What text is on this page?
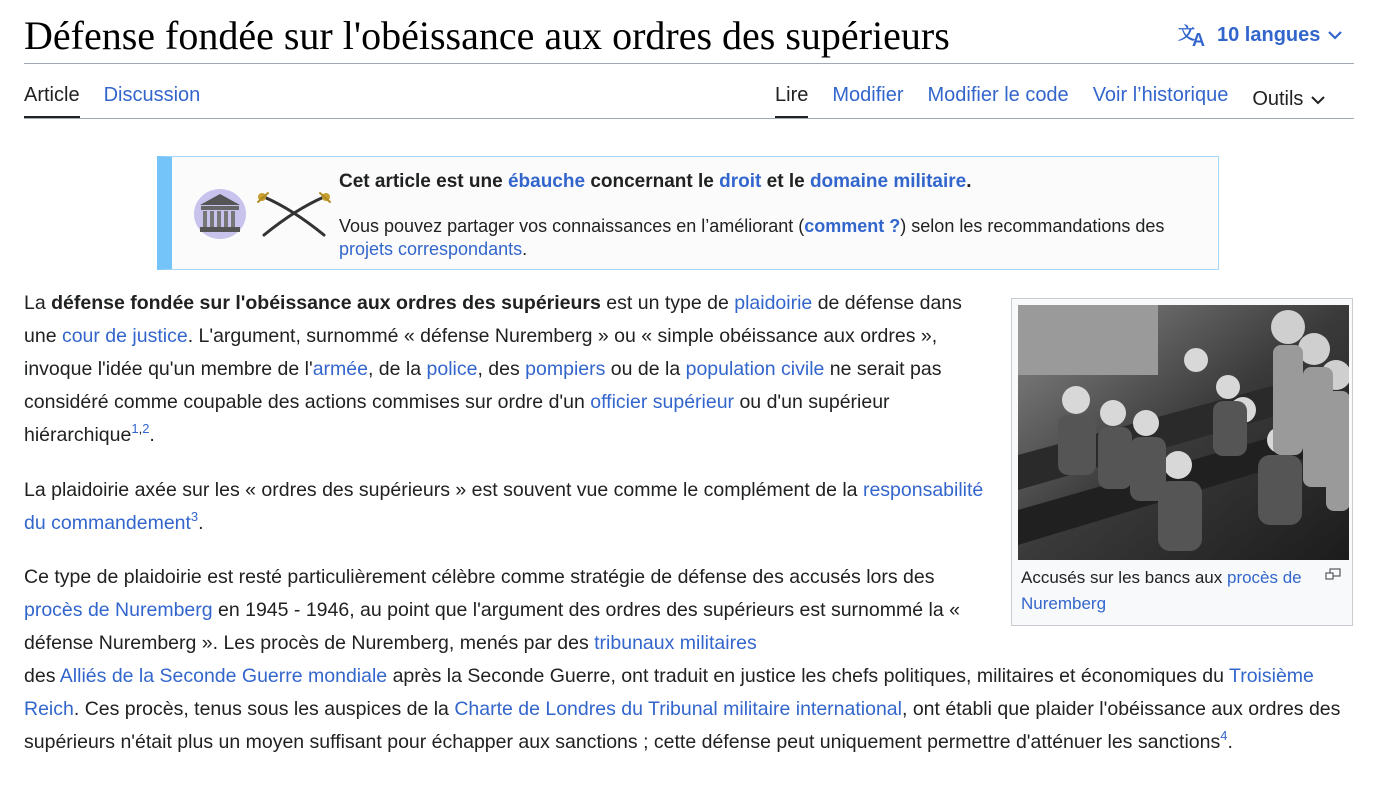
Défense fondée sur l'obéissance aux ordres des supérieurs	文
A 10 langues
Article Discussion	Lire Modifier Modifier le code Voir l’historique Outils
Cet article est une ébauche concernant le droit et le domaine militaire.
Vous pouvez partager vos connaissances en l’améliorant (comment ?) selon les recommandations des projets correspondants.
Accusés sur les bancs aux procès de Nuremberg

La défense fondée sur l'obéissance aux ordres des supérieurs est un type de plaidoirie de défense dans une cour de justice. L'argument, surnommé « défense Nuremberg » ou « simple obéissance aux ordres », invoque l'idée qu'un membre de l'armée, de la police, des pompiers ou de la population civile ne serait pas considéré comme coupable des actions commises sur ordre d'un officier supérieur ou d'un supérieur hiérarchique$^{1,2}$.

La plaidoirie axée sur les « ordres des supérieurs » est souvent vue comme le complément de la responsabilité du commandement$^3$.

Ce type de plaidoirie est resté particulièrement célèbre comme stratégie de défense des accusés lors des procès de Nuremberg en 1945 - 1946, au point que l'argument des ordres des supérieurs est surnommé la « défense Nuremberg ». Les procès de Nuremberg, menés par des tribunaux militaires

des Alliés de la Seconde Guerre mondiale après la Seconde Guerre, ont traduit en justice les chefs politiques, militaires et économiques du Troisième Reich. Ces procès, tenus sous les auspices de la Charte de Londres du Tribunal militaire international, ont établi que plaider l'obéissance aux ordres des supérieurs n'était plus un moyen suffisant pour échapper aux sanctions ; cette défense peut uniquement permettre d'atténuer les sanctions$^4$.
